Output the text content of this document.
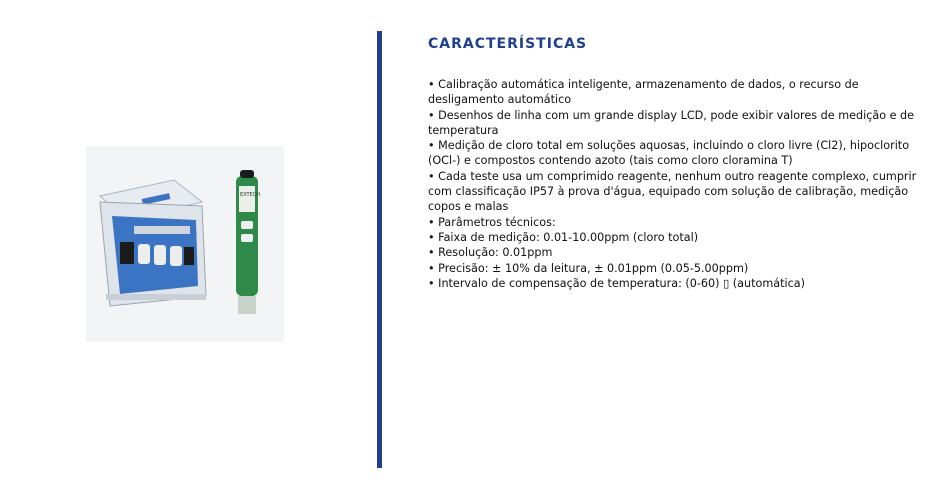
EXTECH
CARACTERÍSTICAS
• Calibração automática inteligente, armazenamento de dados, o recurso de desligamento automático
• Desenhos de linha com um grande display LCD, pode exibir valores de medição e de temperatura
• Medição de cloro total em soluções aquosas, incluindo o cloro livre (Cl2), hipoclorito (OCl-) e compostos contendo azoto (tais como cloro cloramina T)
• Cada teste usa um comprimido reagente, nenhum outro reagente complexo, cumprir com classificação IP57 à prova d'água, equipado com solução de calibração, medição copos e malas
• Parâmetros técnicos:
• Faixa de medição: 0.01-10.00ppm (cloro total)
• Resolução: 0.01ppm
• Precisão: ± 10% da leitura, ± 0.01ppm (0.05-5.00ppm)
• Intervalo de compensação de temperatura: (0-60) ▯ (automática)
